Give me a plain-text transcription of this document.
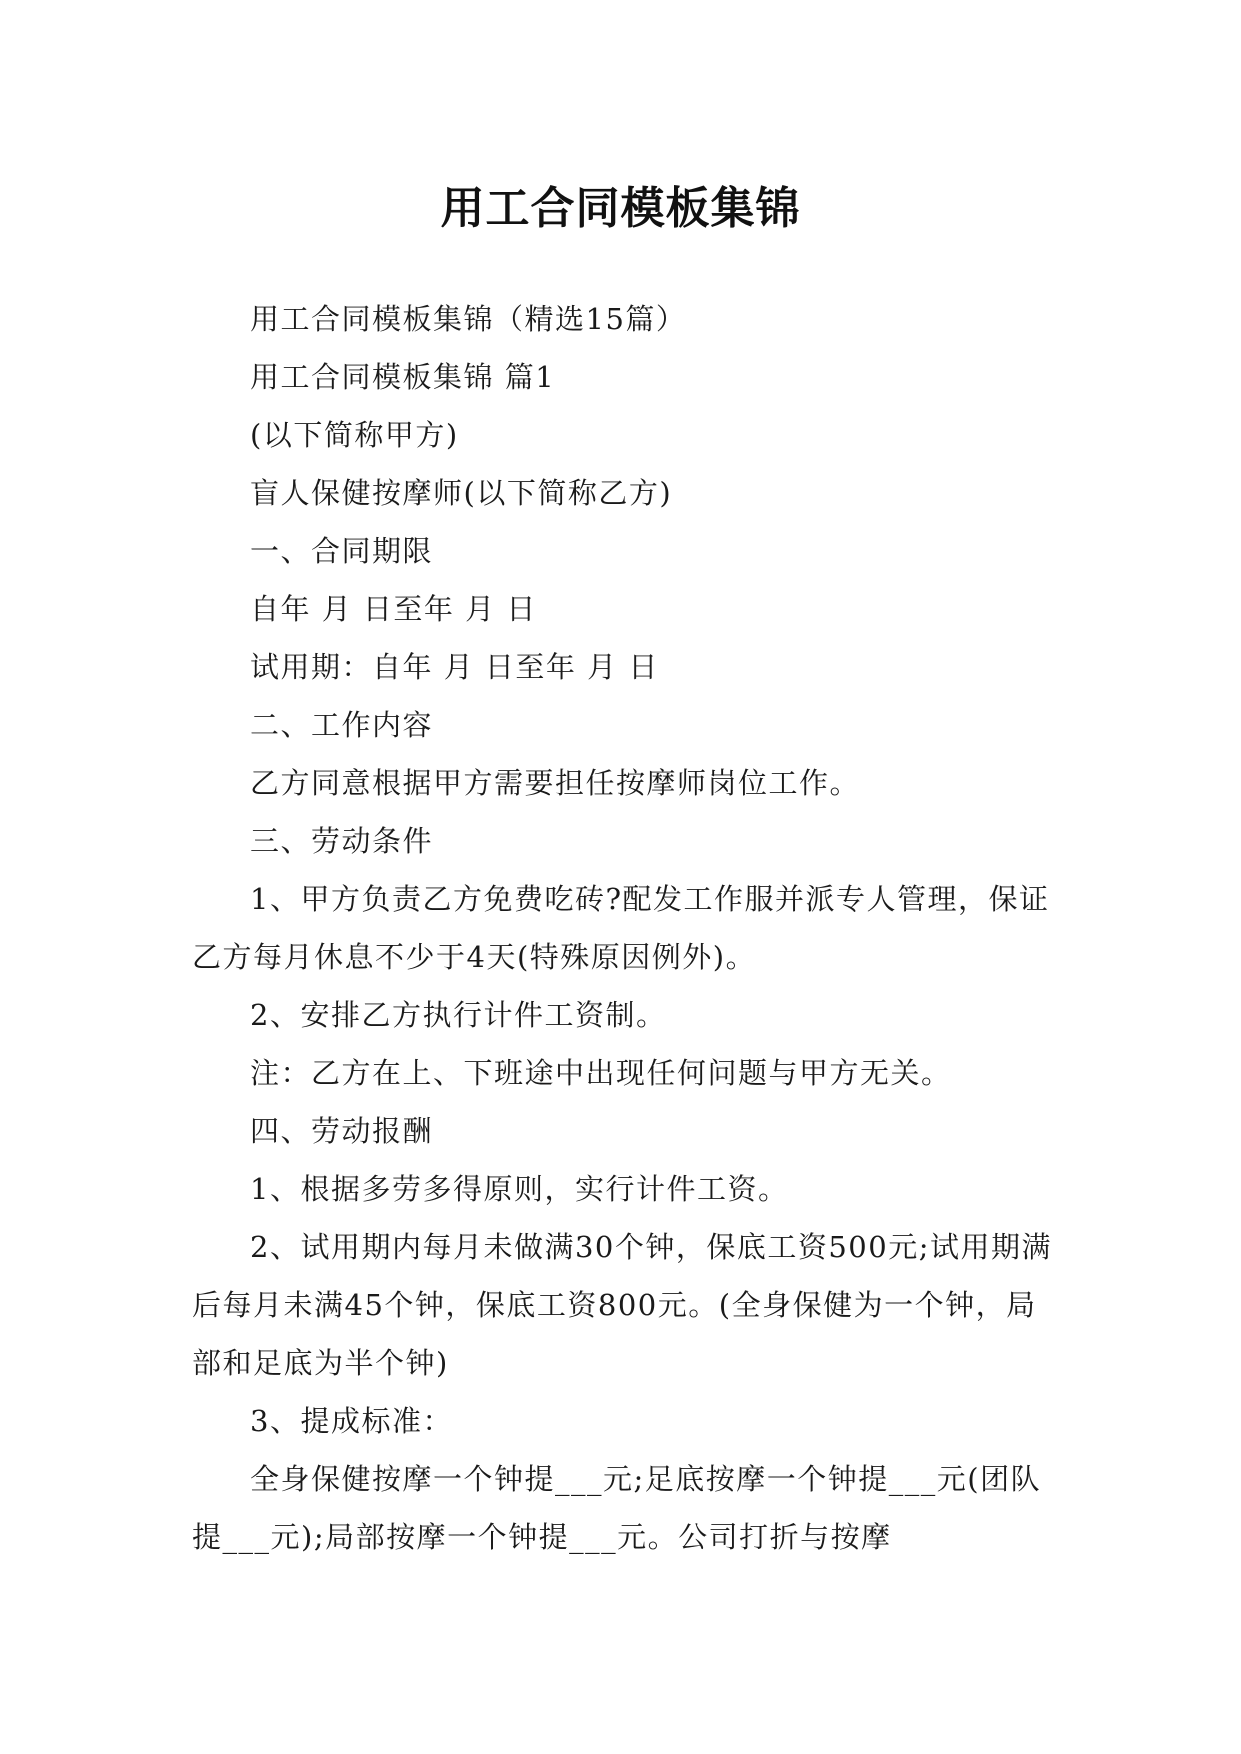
用工合同模板集锦

用工合同模板集锦（精选15篇）

用工合同模板集锦 篇1

(以下简称甲方)

盲人保健按摩师(以下简称乙方)

一、合同期限

自年 月 日至年 月 日

试用期：自年 月 日至年 月 日

二、工作内容

乙方同意根据甲方需要担任按摩师岗位工作。

三、劳动条件

1、甲方负责乙方免费吃砖?配发工作服并派专人管理，保证乙方每月休息不少于4天(特殊原因例外)。

2、安排乙方执行计件工资制。

注：乙方在上、下班途中出现任何问题与甲方无关。

四、劳动报酬

1、根据多劳多得原则，实行计件工资。

2、试用期内每月未做满30个钟，保底工资500元;试用期满后每月未满45个钟，保底工资800元。(全身保健为一个钟，局部和足底为半个钟)

3、提成标准：

全身保健按摩一个钟提___元;足底按摩一个钟提___元(团队提___元);局部按摩一个钟提___元。公司打折与按摩
